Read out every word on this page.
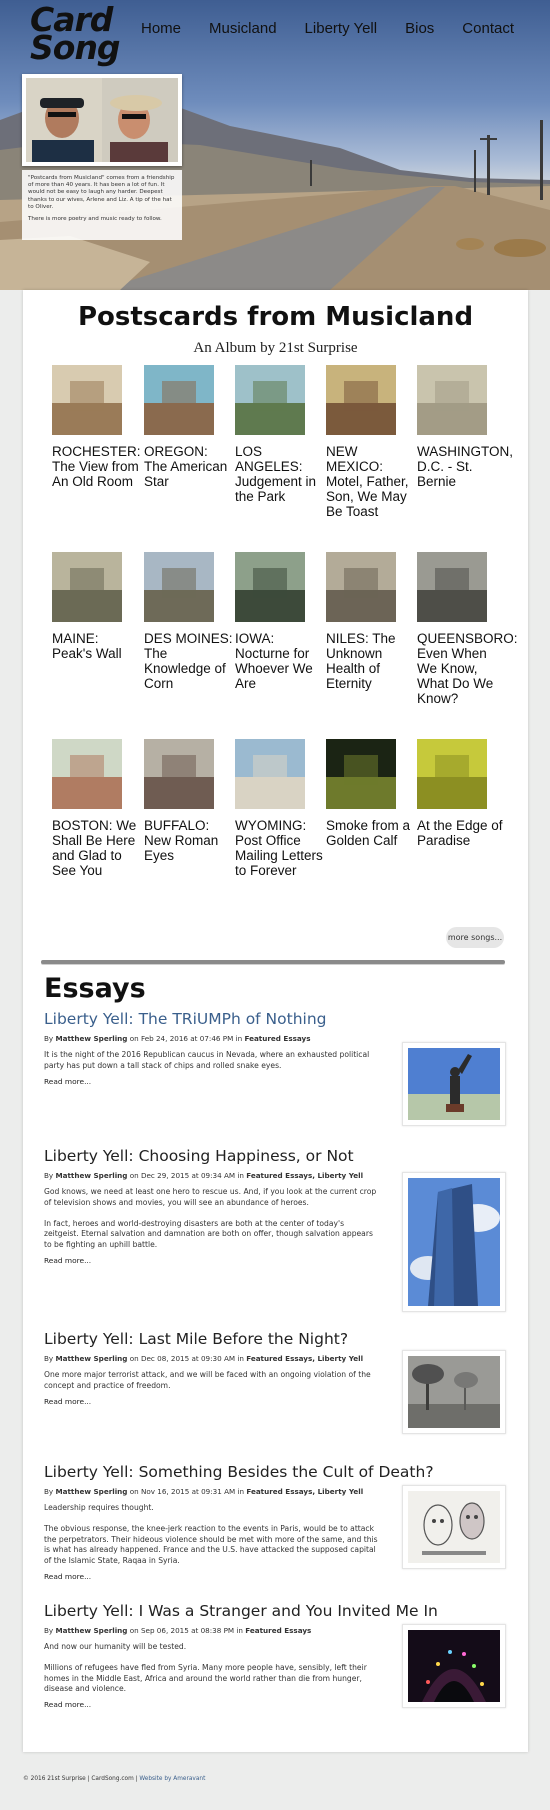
Card
Song Home Musicland Liberty Yell Bios Contact

"Postcards from Musicland" comes from a friendship of more than 40 years. It has been a lot of fun. It would not be easy to laugh any harder. Deepest thanks to our wives, Arlene and Liz. A tip of the hat to Oliver.

There is more poetry and music ready to follow.

Postscards from Musicland
An Album by 21st Surprise
ROCHESTER: The View from An Old Room
OREGON: The American Star
LOS ANGELES: Judgement in the Park
NEW MEXICO: Motel, Father, Son, We May Be Toast
WASHINGTON, D.C. - St. Bernie
MAINE: Peak's Wall
DES MOINES: The Knowledge of Corn
IOWA: Nocturne for Whoever We Are
NILES: The Unknown Health of Eternity
QUEENSBORO: Even When We Know, What Do We Know?
BOSTON: We Shall Be Here and Glad to See You
BUFFALO: New Roman Eyes
WYOMING: Post Office Mailing Letters to Forever
Smoke from a Golden Calf
At the Edge of Paradise
more songs...
Essays
Liberty Yell: The TRiUMPh of Nothing
By Matthew Sperling on Feb 24, 2016 at 07:46 PM in Featured Essays

It is the night of the 2016 Republican caucus in Nevada, where an exhausted political party has put down a tall stack of chips and rolled snake eyes.

Read more...
Liberty Yell: Choosing Happiness, or Not
By Matthew Sperling on Dec 29, 2015 at 09:34 AM in Featured Essays, Liberty Yell

God knows, we need at least one hero to rescue us. And, if you look at the current crop of television shows and movies, you will see an abundance of heroes.

In fact, heroes and world-destroying disasters are both at the center of today's zeitgeist. Eternal salvation and damnation are both on offer, though salvation appears to be fighting an uphill battle.

Read more...
Liberty Yell: Last Mile Before the Night?
By Matthew Sperling on Dec 08, 2015 at 09:30 AM in Featured Essays, Liberty Yell

One more major terrorist attack, and we will be faced with an ongoing violation of the concept and practice of freedom.

Read more...
Liberty Yell: Something Besides the Cult of Death?
By Matthew Sperling on Nov 16, 2015 at 09:31 AM in Featured Essays, Liberty Yell

Leadership requires thought.

The obvious response, the knee-jerk reaction to the events in Paris, would be to attack the perpetrators. Their hideous violence should be met with more of the same, and this is what has already happened. France and the U.S. have attacked the supposed capital of the Islamic State, Raqaa in Syria.

Read more...
Liberty Yell: I Was a Stranger and You Invited Me In
By Matthew Sperling on Sep 06, 2015 at 08:38 PM in Featured Essays

And now our humanity will be tested.

Millions of refugees have fled from Syria. Many more people have, sensibly, left their homes in the Middle East, Africa and around the world rather than die from hunger, disease and violence.

Read more...
© 2016 21st Surprise | CardSong.com | Website by Ameravant
